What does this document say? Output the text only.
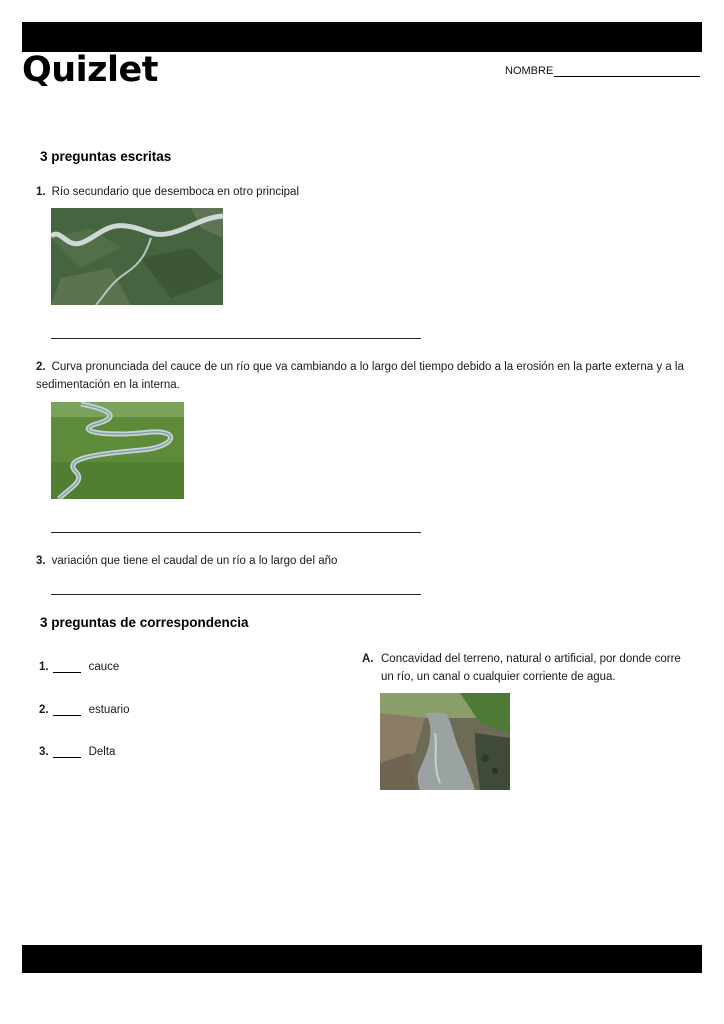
Quizlet	NOMBRE
3 preguntas escritas
1. Río secundario que desemboca en otro principal
2. Curva pronunciada del cauce de un río que va cambiando a lo largo del tiempo debido a la erosión en la parte externa y a la sedimentación en la interna.
3. variación que tiene el caudal de un río a lo largo del año
3 preguntas de correspondencia
1.	cauce
2.	estuario
3.	Delta
A. Concavidad del terreno, natural o artificial, por donde corre un río, un canal o cualquier corriente de agua.
